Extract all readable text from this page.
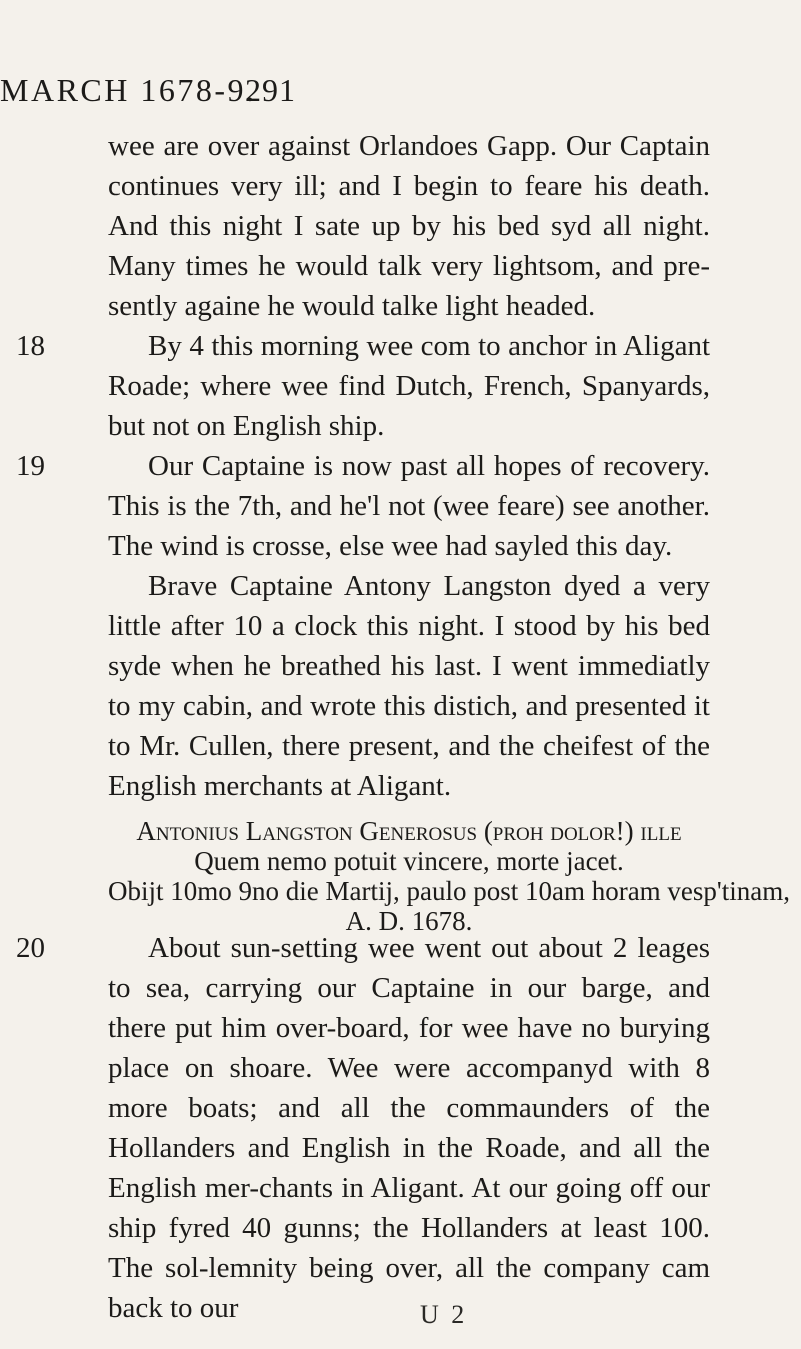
MARCH 1678-9.
291

wee are over against Orlandoes Gapp. Our Captain continues very ill; and I begin to feare his death. And this night I sate up by his bed syd all night. Many times he would talk very lightsom, and pre-sently againe he would talke light headed.

18	By 4 this morning wee com to anchor in Aligant Roade; where wee find Dutch, French, Spanyards, but not on English ship.

19	Our Captaine is now past all hopes of recovery. This is the 7th, and he'l not (wee feare) see another. The wind is crosse, else wee had sayled this day.

Brave Captaine Antony Langston dyed a very little after 10 a clock this night. I stood by his bed syde when he breathed his last. I went immediatly to my cabin, and wrote this distich, and presented it to Mr. Cullen, there present, and the cheifest of the English merchants at Aligant.

Antonius Langston Generosus (proh dolor!) ille
Quem nemo potuit vincere, morte jacet.
Obijt 10mo 9no die Martij, paulo post 10am horam vesp'tinam,
A. D. 1678.
20	About sun-setting wee went out about 2 leages to sea, carrying our Captaine in our barge, and there put him over-board, for wee have no burying place on shoare. Wee were accompanyd with 8 more boats; and all the commaunders of the Hollanders and English in the Roade, and all the English mer-chants in Aligant. At our going off our ship fyred 40 gunns; the Hollanders at least 100. The sol-lemnity being over, all the company cam back to our	U 2
